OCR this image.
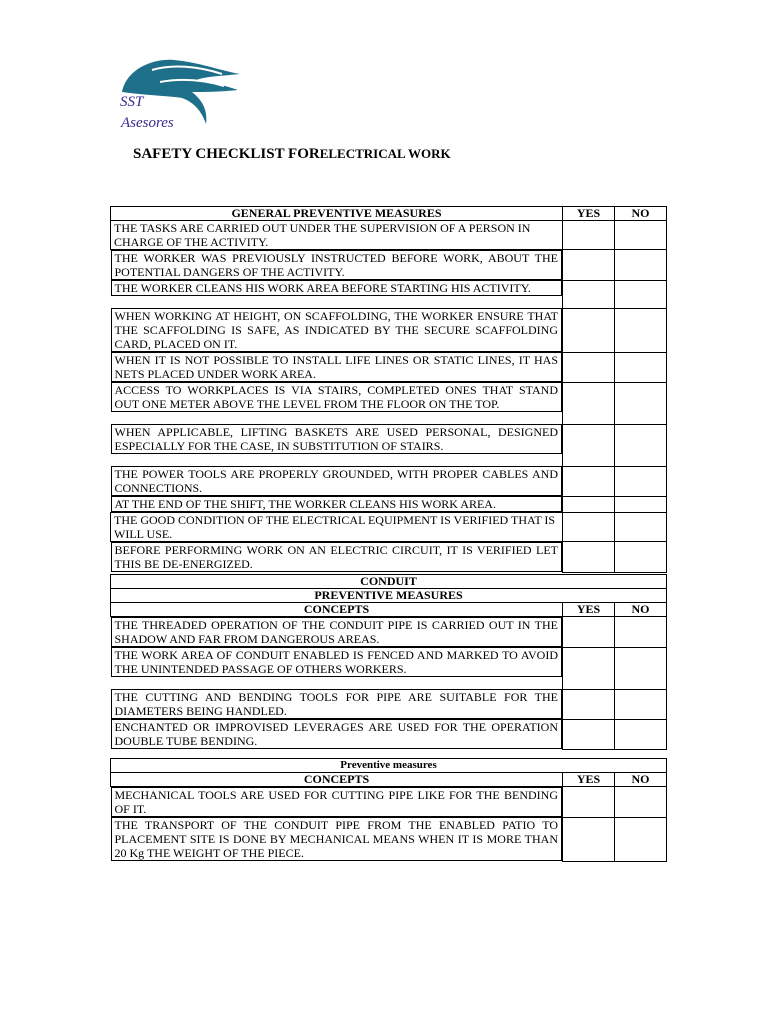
SST
Asesores
SAFETY CHECKLIST FORELECTRICAL WORK
GENERAL PREVENTIVE MEASURES	YES	NO
THE TASKS ARE CARRIED OUT UNDER THE SUPERVISION OF A PERSON IN CHARGE OF THE ACTIVITY.		

THE WORKER WAS PREVIOUSLY INSTRUCTED BEFORE WORK, ABOUT THE POTENTIAL DANGERS OF THE ACTIVITY.

THE WORKER CLEANS HIS WORK AREA BEFORE STARTING HIS ACTIVITY.

WHEN WORKING AT HEIGHT, ON SCAFFOLDING, THE WORKER ENSURE THAT THE SCAFFOLDING IS SAFE, AS INDICATED BY THE SECURE SCAFFOLDING CARD, PLACED ON IT.

WHEN IT IS NOT POSSIBLE TO INSTALL LIFE LINES OR STATIC LINES, IT HAS NETS PLACED UNDER WORK AREA.

ACCESS TO WORKPLACES IS VIA STAIRS, COMPLETED ONES THAT STAND OUT ONE METER ABOVE THE LEVEL FROM THE FLOOR ON THE TOP.

WHEN APPLICABLE, LIFTING BASKETS ARE USED PERSONAL, DESIGNED ESPECIALLY FOR THE CASE, IN SUBSTITUTION OF STAIRS.

THE POWER TOOLS ARE PROPERLY GROUNDED, WITH PROPER CABLES AND CONNECTIONS.

AT THE END OF THE SHIFT, THE WORKER CLEANS HIS WORK AREA.

THE GOOD CONDITION OF THE ELECTRICAL EQUIPMENT IS VERIFIED THAT IS WILL USE.		

BEFORE PERFORMING WORK ON AN ELECTRIC CIRCUIT, IT IS VERIFIED LET THIS BE DE-ENERGIZED.

CONDUIT		
PREVENTIVE MEASURES		
CONCEPTS	YES	NO

THE THREADED OPERATION OF THE CONDUIT PIPE IS CARRIED OUT IN THE SHADOW AND FAR FROM DANGEROUS AREAS.

THE WORK AREA OF CONDUIT ENABLED IS FENCED AND MARKED TO AVOID THE UNINTENDED PASSAGE OF OTHERS WORKERS.

THE CUTTING AND BENDING TOOLS FOR PIPE ARE SUITABLE FOR THE DIAMETERS BEING HANDLED.

ENCHANTED OR IMPROVISED LEVERAGES ARE USED FOR THE OPERATION DOUBLE TUBE BENDING.

Preventive measures		
CONCEPTS	YES	NO

MECHANICAL TOOLS ARE USED FOR CUTTING PIPE LIKE FOR THE BENDING OF IT.

THE TRANSPORT OF THE CONDUIT PIPE FROM THE ENABLED PATIO TO PLACEMENT SITE IS DONE BY MECHANICAL MEANS WHEN IT IS MORE THAN 20 Kg THE WEIGHT OF THE PIECE.
